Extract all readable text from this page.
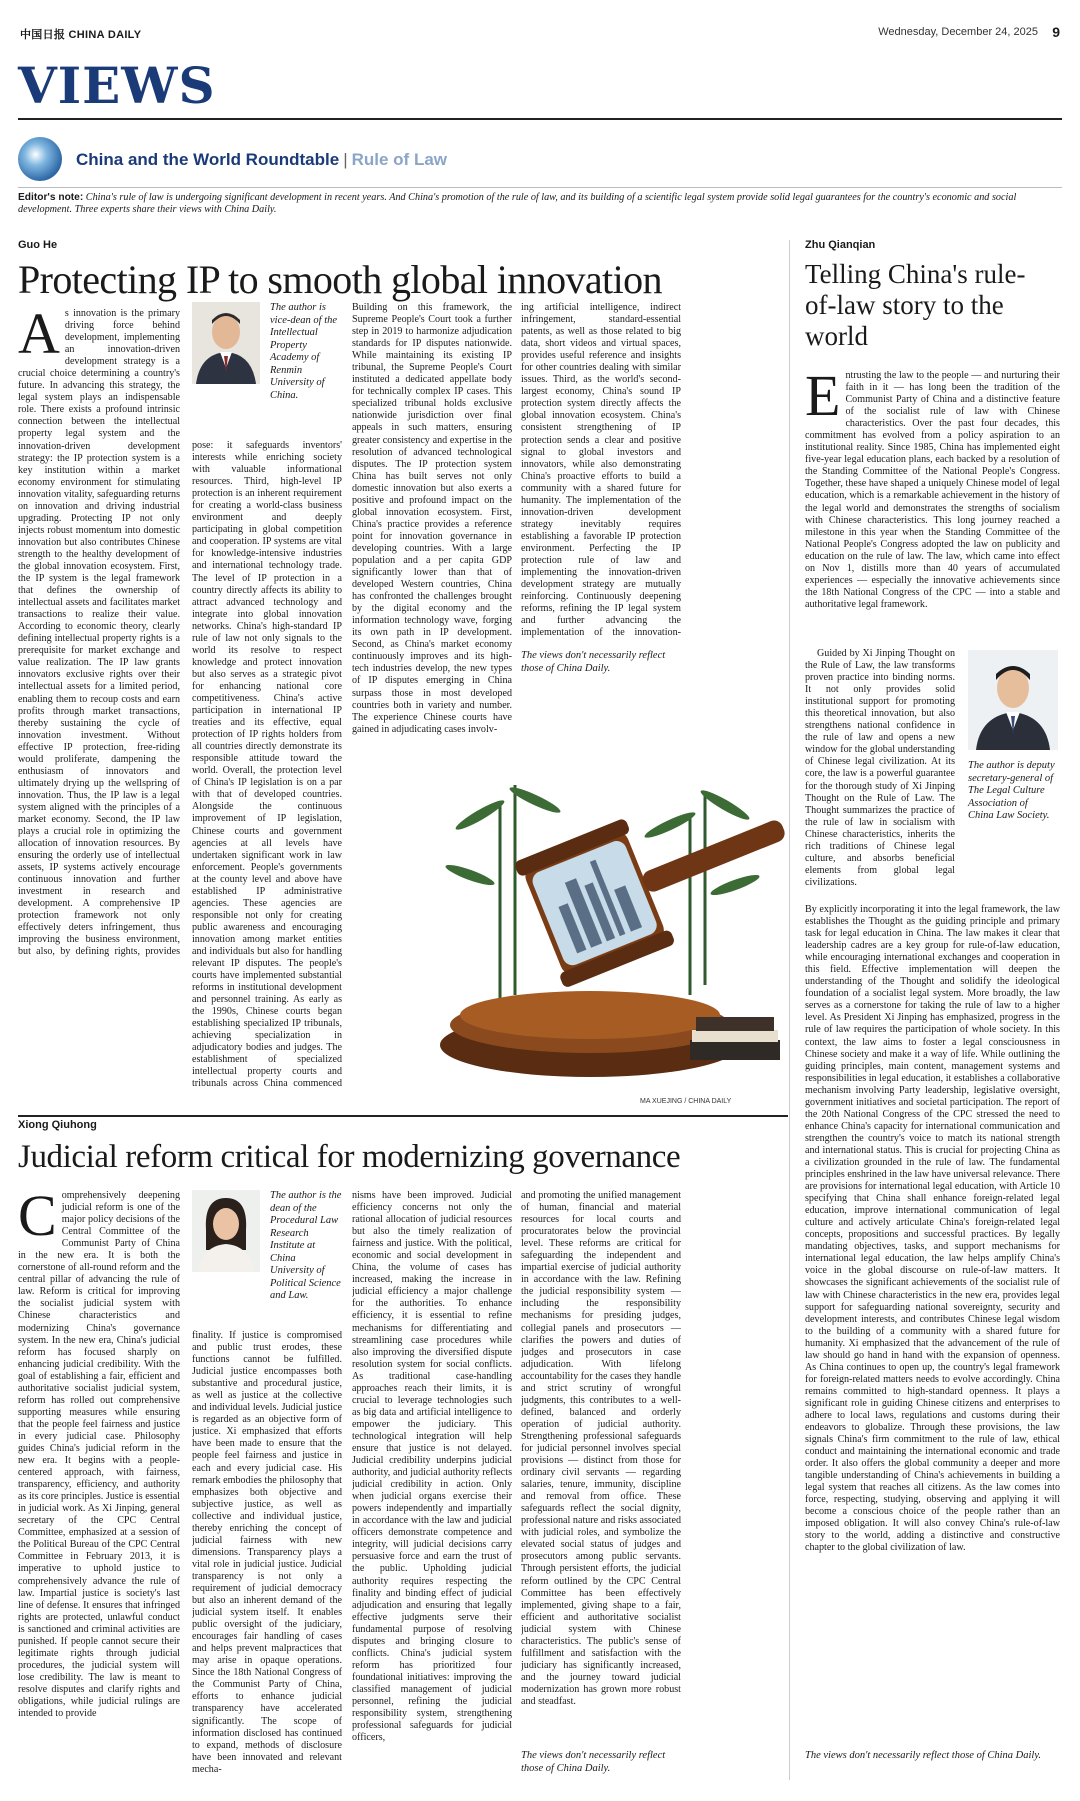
中国日报 CHINA DAILY	Wednesday, December 24, 2025 9
VIEWS
China and the World Roundtable | Rule of Law
Editor's note: China's rule of law is undergoing significant development in recent years. And China's promotion of the rule of law, and its building of a scientific legal system provide solid legal guarantees for the country's economic and social development. Three experts share their views with China Daily.
Guo He
Protecting IP to smooth global innovation

As innovation is the primary driving force behind development, implementing an innovation-driven development strategy is a crucial choice determining a country's future. In advancing this strategy, the legal system plays an indispensable role. There exists a profound intrinsic connection between the intellectual property legal system and the innovation-driven development strategy: the IP protection system is a key institution within a market economy environment for stimulating innovation vitality, safeguarding returns on innovation and driving industrial upgrading. Protecting IP not only injects robust momentum into domestic innovation but also contributes Chinese strength to the healthy development of the global innovation ecosystem. First, the IP system is the legal framework that defines the ownership of intellectual assets and facilitates market transactions to realize their value. According to economic theory, clearly defining intellectual property rights is a prerequisite for market exchange and value realization. The IP law grants innovators exclusive rights over their intellectual assets for a limited period, enabling them to recoup costs and earn profits through market transactions, thereby sustaining the cycle of innovation investment. Without effective IP protection, free-riding would proliferate, dampening the enthusiasm of innovators and ultimately drying up the wellspring of innovation. Thus, the IP law is a legal system aligned with the principles of a market economy. Second, the IP law plays a crucial role in optimizing the allocation of innovation resources. By ensuring the orderly use of intellectual assets, IP systems actively encourage continuous innovation and further investment in research and development. A comprehensive IP protection framework not only effectively deters infringement, thus improving the business environment, but also, by defining rights, provides

The author is vice-dean of the Intellectual Property Academy of Renmin University of China.

pose: it safeguards inventors' interests while enriching society with valuable informational resources. Third, high-level IP protection is an inherent requirement for creating a world-class business environment and deeply participating in global competition and cooperation. IP systems are vital for knowledge-intensive industries and international technology trade. The level of IP protection in a country directly affects its ability to attract advanced technology and integrate into global innovation networks. China's high-standard IP rule of law not only signals to the world its resolve to respect knowledge and protect innovation but also serves as a strategic pivot for enhancing national core competitiveness. China's active participation in international IP treaties and its effective, equal protection of IP rights holders from all countries directly demonstrate its responsible attitude toward the world. Overall, the protection level of China's IP legislation is on a par with that of developed countries. Alongside the continuous improvement of IP legislation, Chinese courts and government agencies at all levels have undertaken significant work in law enforcement. People's governments at the county level and above have established IP administrative agencies. These agencies are responsible not only for creating public awareness and encouraging innovation among market entities and individuals but also for handling relevant IP disputes. The people's courts have implemented substantial reforms in institutional development and personnel training. As early as the 1990s, Chinese courts began establishing specialized IP tribunals, achieving specialization in adjudicatory bodies and judges. The establishment of specialized intellectual property courts and tribunals across China commenced

Building on this framework, the Supreme People's Court took a further step in 2019 to harmonize adjudication standards for IP disputes nationwide. While maintaining its existing IP tribunal, the Supreme People's Court instituted a dedicated appellate body for technically complex IP cases. This specialized tribunal holds exclusive nationwide jurisdiction over final appeals in such matters, ensuring greater consistency and expertise in the resolution of advanced technological disputes. The IP protection system China has built serves not only domestic innovation but also exerts a positive and profound impact on the global innovation ecosystem. First, China's practice provides a reference point for innovation governance in developing countries. With a large population and a per capita GDP significantly lower than that of developed Western countries, China has confronted the challenges brought by the digital economy and the information technology wave, forging its own path in IP development. Second, as China's market economy continuously improves and its high-tech industries develop, the new types of IP disputes emerging in China surpass those in most developed countries both in variety and number. The experience Chinese courts have gained in adjudicating cases involv-

ing artificial intelligence, indirect infringement, standard-essential patents, as well as those related to big data, short videos and virtual spaces, provides useful reference and insights for other countries dealing with similar issues. Third, as the world's second-largest economy, China's sound IP protection system directly affects the global innovation ecosystem. China's consistent strengthening of IP protection sends a clear and positive signal to global investors and innovators, while also demonstrating China's proactive efforts to build a community with a shared future for humanity. The implementation of the innovation-driven development strategy inevitably requires establishing a favorable IP protection environment. Perfecting the IP protection rule of law and implementing the innovation-driven development strategy are mutually reinforcing. Continuously deepening reforms, refining the IP legal system and further advancing the implementation of the innovation-

The views don't necessarily reflect those of China Daily.
MA XUEJING / CHINA DAILY
Xiong Qiuhong
Judicial reform critical for modernizing governance

Comprehensively deepening judicial reform is one of the major policy decisions of the Central Committee of the Communist Party of China in the new era. It is both the cornerstone of all-round reform and the central pillar of advancing the rule of law. Reform is critical for improving the socialist judicial system with Chinese characteristics and modernizing China's governance system. In the new era, China's judicial reform has focused sharply on enhancing judicial credibility. With the goal of establishing a fair, efficient and authoritative socialist judicial system, reform has rolled out comprehensive supporting measures while ensuring that the people feel fairness and justice in every judicial case. Philosophy guides China's judicial reform in the new era. It begins with a people-centered approach, with fairness, transparency, efficiency, and authority as its core principles. Justice is essential in judicial work. As Xi Jinping, general secretary of the CPC Central Committee, emphasized at a session of the Political Bureau of the CPC Central Committee in February 2013, it is imperative to uphold justice to comprehensively advance the rule of law. Impartial justice is society's last line of defense. It ensures that infringed rights are protected, unlawful conduct is sanctioned and criminal activities are punished. If people cannot secure their legitimate rights through judicial procedures, the judicial system will lose credibility. The law is meant to resolve disputes and clarify rights and obligations, while judicial rulings are intended to provide

The author is the dean of the Procedural Law Research Institute at China University of Political Science and Law.

finality. If justice is compromised and public trust erodes, these functions cannot be fulfilled. Judicial justice encompasses both substantive and procedural justice, as well as justice at the collective and individual levels. Judicial justice is regarded as an objective form of justice. Xi emphasized that efforts have been made to ensure that the people feel fairness and justice in each and every judicial case. His remark embodies the philosophy that emphasizes both objective and subjective justice, as well as collective and individual justice, thereby enriching the concept of judicial fairness with new dimensions. Transparency plays a vital role in judicial justice. Judicial transparency is not only a requirement of judicial democracy but also an inherent demand of the judicial system itself. It enables public oversight of the judiciary, encourages fair handling of cases and helps prevent malpractices that may arise in opaque operations. Since the 18th National Congress of the Communist Party of China, efforts to enhance judicial transparency have accelerated significantly. The scope of information disclosed has continued to expand, methods of disclosure have been innovated and relevant mecha-

nisms have been improved. Judicial efficiency concerns not only the rational allocation of judicial resources but also the timely realization of fairness and justice. With the political, economic and social development in China, the volume of cases has increased, making the increase in judicial efficiency a major challenge for the authorities. To enhance efficiency, it is essential to refine mechanisms for differentiating and streamlining case procedures while also improving the diversified dispute resolution system for social conflicts. As traditional case-handling approaches reach their limits, it is crucial to leverage technologies such as big data and artificial intelligence to empower the judiciary. This technological integration will help ensure that justice is not delayed. Judicial credibility underpins judicial authority, and judicial authority reflects judicial credibility in action. Only when judicial organs exercise their powers independently and impartially in accordance with the law and judicial officers demonstrate competence and integrity, will judicial decisions carry persuasive force and earn the trust of the public. Upholding judicial authority requires respecting the finality and binding effect of judicial adjudication and ensuring that legally effective judgments serve their fundamental purpose of resolving disputes and bringing closure to conflicts. China's judicial system reform has prioritized four foundational initiatives: improving the classified management of judicial personnel, refining the judicial responsibility system, strengthening professional safeguards for judicial officers,

and promoting the unified management of human, financial and material resources for local courts and procuratorates below the provincial level. These reforms are critical for safeguarding the independent and impartial exercise of judicial authority in accordance with the law. Refining the judicial responsibility system — including the responsibility mechanisms for presiding judges, collegial panels and prosecutors — clarifies the powers and duties of judges and prosecutors in case adjudication. With lifelong accountability for the cases they handle and strict scrutiny of wrongful judgments, this contributes to a well-defined, balanced and orderly operation of judicial authority. Strengthening professional safeguards for judicial personnel involves special provisions — distinct from those for ordinary civil servants — regarding salaries, tenure, immunity, discipline and removal from office. These safeguards reflect the social dignity, professional nature and risks associated with judicial roles, and symbolize the elevated social status of judges and prosecutors among public servants. Through persistent efforts, the judicial reform outlined by the CPC Central Committee has been effectively implemented, giving shape to a fair, efficient and authoritative socialist judicial system with Chinese characteristics. The public's sense of fulfillment and satisfaction with the judiciary has significantly increased, and the journey toward judicial modernization has grown more robust and steadfast.

The views don't necessarily reflect those of China Daily.
Zhu Qianqian
Telling China's rule-of-law story to the world

Entrusting the law to the people — and nurturing their faith in it — has long been the tradition of the Communist Party of China and a distinctive feature of the socialist rule of law with Chinese characteristics. Over the past four decades, this commitment has evolved from a policy aspiration to an institutional reality. Since 1985, China has implemented eight five-year legal education plans, each backed by a resolution of the Standing Committee of the National People's Congress. Together, these have shaped a uniquely Chinese model of legal education, which is a remarkable achievement in the history of the legal world and demonstrates the strengths of socialism with Chinese characteristics. This long journey reached a milestone in this year when the Standing Committee of the National People's Congress adopted the law on publicity and education on the rule of law. The law, which came into effect on Nov 1, distills more than 40 years of accumulated experiences — especially the innovative achievements since the 18th National Congress of the CPC — into a stable and authoritative legal framework.

Guided by Xi Jinping Thought on the Rule of Law, the law transforms proven practice into binding norms. It not only provides solid institutional support for promoting this theoretical innovation, but also strengthens national confidence in the rule of law and opens a new window for the global understanding of Chinese legal civilization. At its core, the law is a powerful guarantee for the thorough study of Xi Jinping Thought on the Rule of Law. The Thought summarizes the practice of the rule of law in socialism with Chinese characteristics, inherits the rich traditions of Chinese legal culture, and absorbs beneficial elements from global legal civilizations.

The author is deputy secretary-general of The Legal Culture Association of China Law Society.

By explicitly incorporating it into the legal framework, the law establishes the Thought as the guiding principle and primary task for legal education in China. The law makes it clear that leadership cadres are a key group for rule-of-law education, while encouraging international exchanges and cooperation in this field. Effective implementation will deepen the understanding of the Thought and solidify the ideological foundation of a socialist legal system. More broadly, the law serves as a cornerstone for taking the rule of law to a higher level. As President Xi Jinping has emphasized, progress in the rule of law requires the participation of whole society. In this context, the law aims to foster a legal consciousness in Chinese society and make it a way of life. While outlining the guiding principles, main content, management systems and responsibilities in legal education, it establishes a collaborative mechanism involving Party leadership, legislative oversight, government initiatives and societal participation. The report of the 20th National Congress of the CPC stressed the need to enhance China's capacity for international communication and strengthen the country's voice to match its national strength and international status. This is crucial for projecting China as a civilization grounded in the rule of law. The fundamental principles enshrined in the law have universal relevance. There are provisions for international legal education, with Article 10 specifying that China shall enhance foreign-related legal education, improve international communication of legal culture and actively articulate China's foreign-related legal concepts, propositions and successful practices. By legally mandating objectives, tasks, and support mechanisms for international legal education, the law helps amplify China's voice in the global discourse on rule-of-law matters. It showcases the significant achievements of the socialist rule of law with Chinese characteristics in the new era, provides legal support for safeguarding national sovereignty, security and development interests, and contributes Chinese legal wisdom to the building of a community with a shared future for humanity. Xi emphasized that the advancement of the rule of law should go hand in hand with the expansion of openness. As China continues to open up, the country's legal framework for foreign-related matters needs to evolve accordingly. China remains committed to high-standard openness. It plays a significant role in guiding Chinese citizens and enterprises to adhere to local laws, regulations and customs during their endeavors to globalize. Through these provisions, the law signals China's firm commitment to the rule of law, ethical conduct and maintaining the international economic and trade order. It also offers the global community a deeper and more tangible understanding of China's achievements in building a legal system that reaches all citizens. As the law comes into force, respecting, studying, observing and applying it will become a conscious choice of the people rather than an imposed obligation. It will also convey China's rule-of-law story to the world, adding a distinctive and constructive chapter to the global civilization of law.

The views don't necessarily reflect those of China Daily.
